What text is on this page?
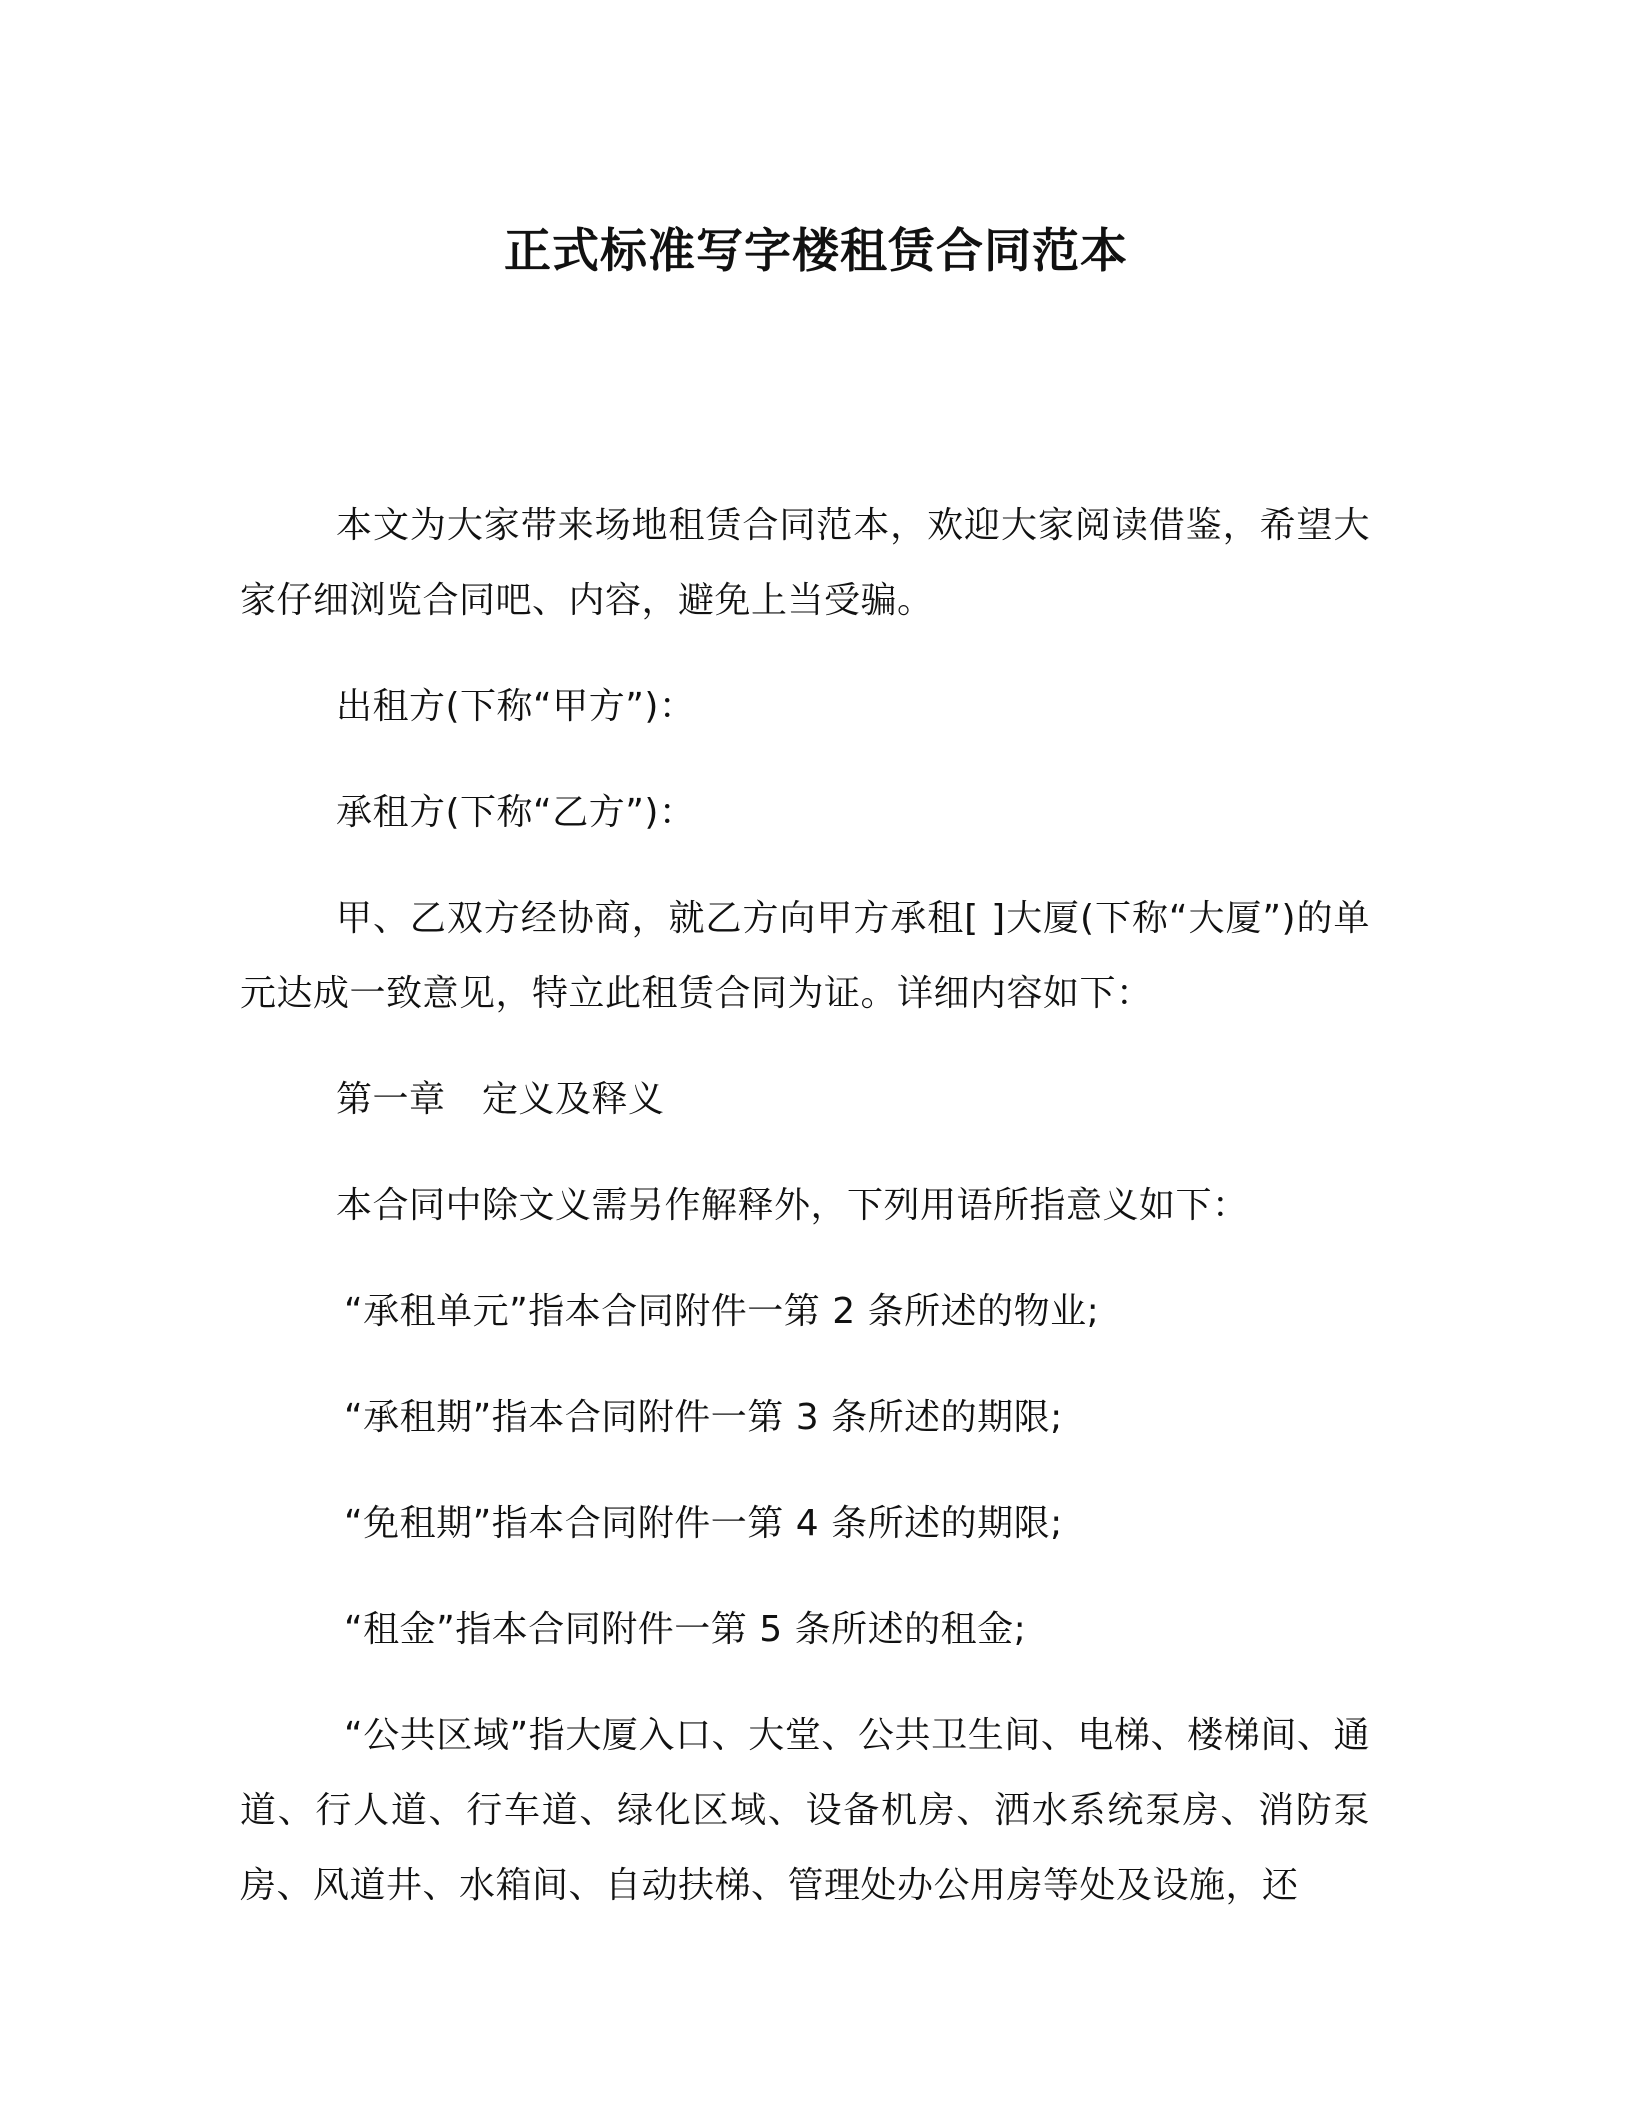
正式标准写字楼租赁合同范本

本文为大家带来场地租赁合同范本，欢迎大家阅读借鉴，希望大家仔细浏览合同吧、内容，避免上当受骗。

出租方(下称“甲方”)：

承租方(下称“乙方”)：

甲、乙双方经协商，就乙方向甲方承租[ ]大厦(下称“大厦”)的单元达成一致意见，特立此租赁合同为证。详细内容如下：

第一章　定义及释义

本合同中除文义需另作解释外，下列用语所指意义如下：

“承租单元”指本合同附件一第 2 条所述的物业;

“承租期”指本合同附件一第 3 条所述的期限;

“免租期”指本合同附件一第 4 条所述的期限;

“租金”指本合同附件一第 5 条所述的租金;

“公共区域”指大厦入口、大堂、公共卫生间、电梯、楼梯间、通道、行人道、行车道、绿化区域、设备机房、洒水系统泵房、消防泵房、风道井、水箱间、自动扶梯、管理处办公用房等处及设施，还
